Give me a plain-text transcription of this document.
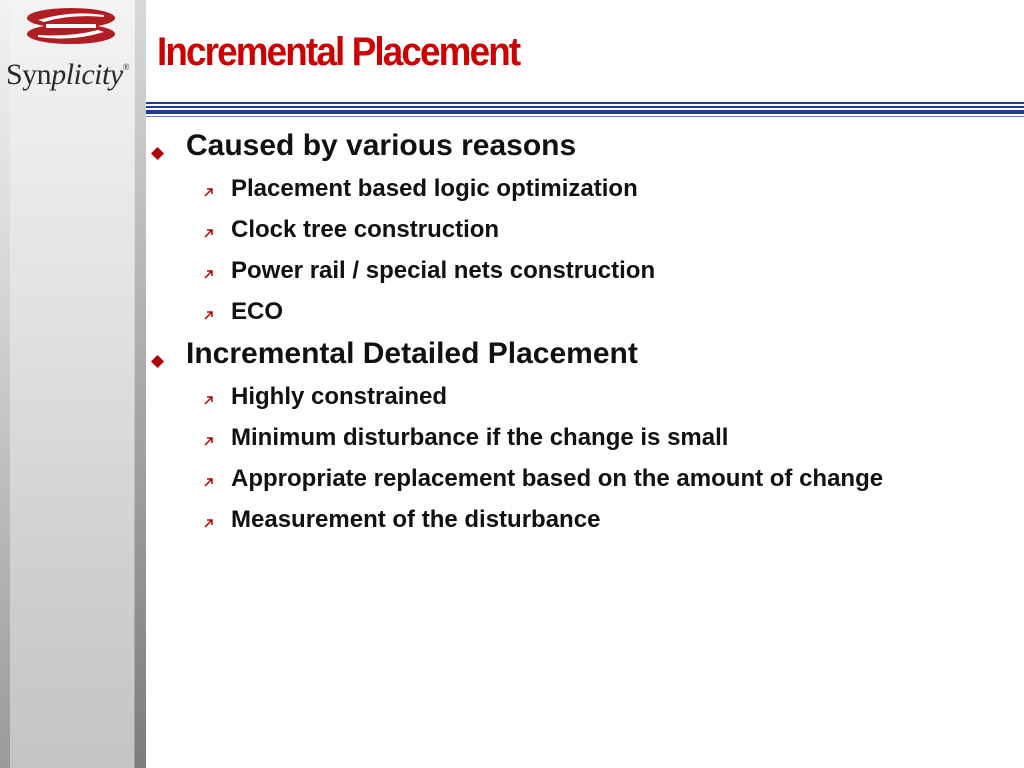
Synplicity® Incremental Placement
Caused by various reasons
Placement based logic optimization
Clock tree construction
Power rail / special nets construction
ECO
Incremental Detailed Placement
Highly constrained
Minimum disturbance if the change is small
Appropriate replacement based on the amount of change
Measurement of the disturbance
